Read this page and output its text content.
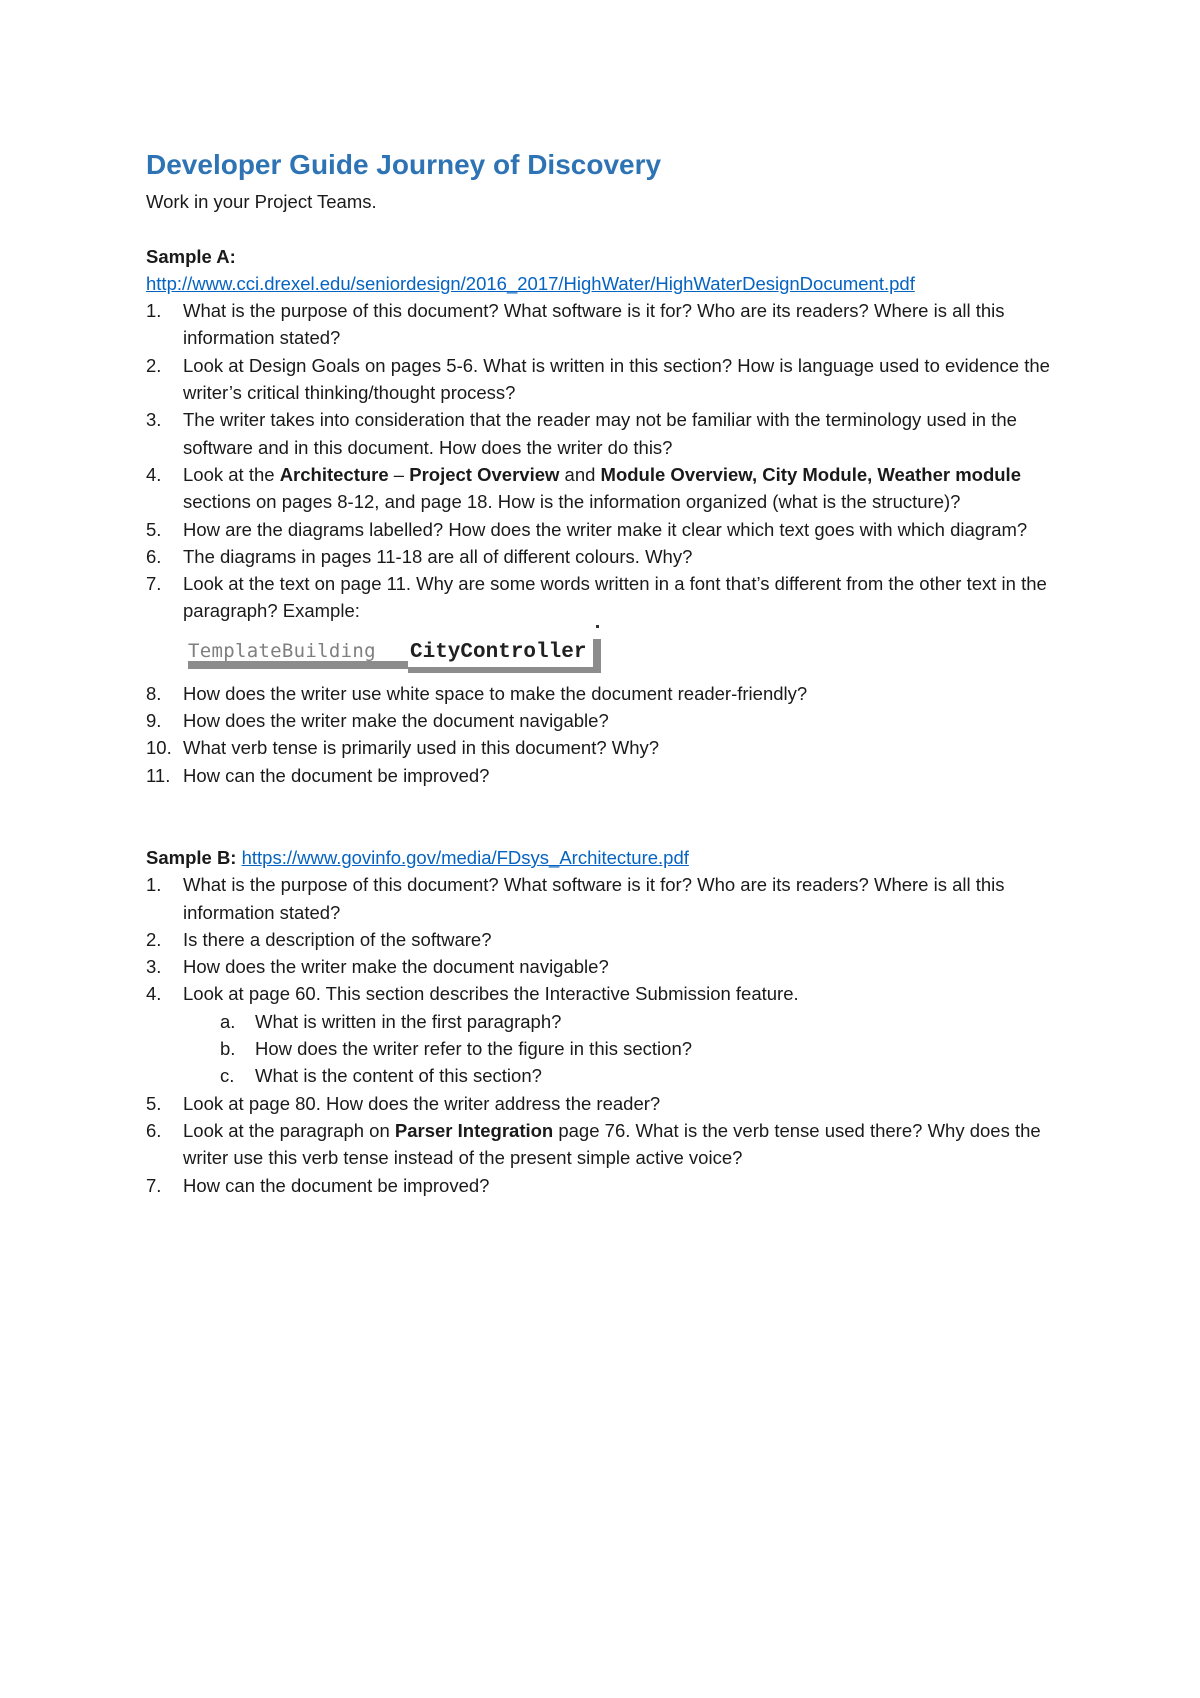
Developer Guide Journey of Discovery

Work in your Project Teams.

Sample A:

http://www.cci.drexel.edu/seniordesign/2016_2017/HighWater/HighWaterDesignDocument.pdf

1.	What is the purpose of this document? What software is it for? Who are its readers? Where is all this information stated?
2.	Look at Design Goals on pages 5-6. What is written in this section? How is language used to evidence the writer’s critical thinking/thought process?
3.	The writer takes into consideration that the reader may not be familiar with the terminology used in the software and in this document. How does the writer do this?
4.	Look at the Architecture – Project Overview and Module Overview, City Module, Weather module sections on pages 8-12, and page 18. How is the information organized (what is the structure)?
5.	How are the diagrams labelled? How does the writer make it clear which text goes with which diagram?
6.	The diagrams in pages 11-18 are all of different colours. Why?
7.	Look at the text on page 11. Why are some words written in a font that’s different from the other text in the paragraph? Example:
TemplateBuilding CityController
8.	How does the writer use white space to make the document reader-friendly?
9.	How does the writer make the document navigable?
10. What verb tense is primarily used in this document? Why?
11. How can the document be improved?

Sample B: https://www.govinfo.gov/media/FDsys_Architecture.pdf

1.	What is the purpose of this document? What software is it for? Who are its readers? Where is all this information stated?
2.	Is there a description of the software?
3.	How does the writer make the document navigable?
4.	Look at page 60. This section describes the Interactive Submission feature.
a. What is written in the first paragraph?
b. How does the writer refer to the figure in this section?
c. What is the content of this section?
5.	Look at page 80. How does the writer address the reader?
6.	Look at the paragraph on Parser Integration page 76. What is the verb tense used there? Why does the writer use this verb tense instead of the present simple active voice?
7.	How can the document be improved?
